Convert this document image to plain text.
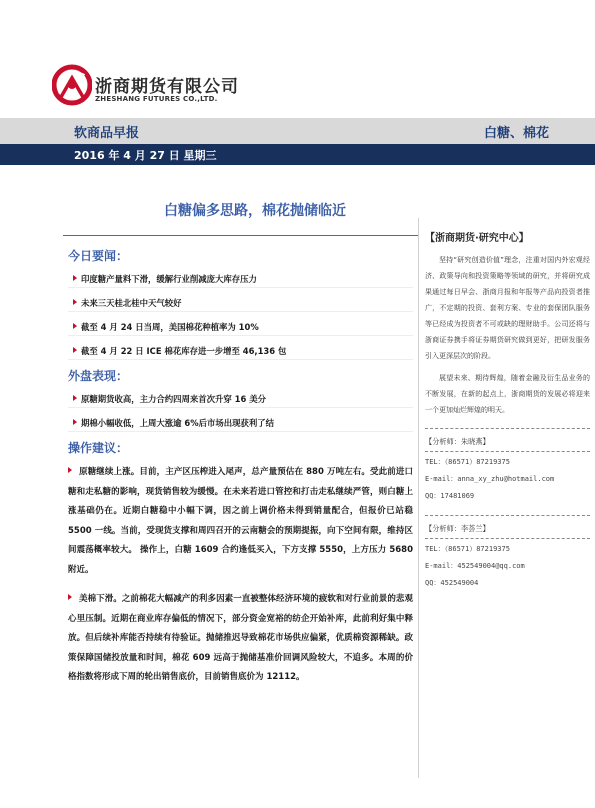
浙商期货有限公司
ZHESHANG FUTURES CO.,LTD.
软商品早报	白糖、棉花
2016 年 4 月 27 日 星期三
白糖偏多思路，棉花抛储临近
今日要闻：
印度糖产量料下滑，缓解行业削减庞大库存压力
未来三天桂北桂中天气较好
截至 4 月 24 日当周，美国棉花种植率为 10%
截至 4 月 22 日 ICE 棉花库存进一步增至 46,136 包
外盘表现：
原糖期货收高，主力合约四周来首次升穿 16 美分
期棉小幅收低，上周大涨逾 6%后市场出现获利了结
操作建议：

原糖继续上涨。目前，主产区压榨进入尾声，总产量预估在 880 万吨左右。受此前进口糖和走私糖的影响，现货销售较为缓慢。在未来若进口管控和打击走私继续严管，则白糖上涨基础仍在。近期白糖稳中小幅下调，因之前上调价格未得到销量配合，但报价已站稳 5500 一线。当前，受现货支撑和周四召开的云南糖会的预期提振，向下空间有限，维持区间震荡概率较大。 操作上，白糖 1609 合约逢低买入，下方支撑 5550，上方压力 5680 附近。

美棉下滑。之前棉花大幅减产的利多因素一直被整体经济环境的疲软和对行业前景的悲观心里压制。近期在商业库存偏低的情况下，部分资金宽裕的纺企开始补库，此前利好集中释放。但后续补库能否持续有待验证。抛储推迟导致棉花市场供应偏紧，优质棉资源稀缺。政策保障国储投放量和时间，棉花 609 远高于抛储基准价回调风险较大，不追多。本周的价格指数将形成下周的轮出销售底价，目前销售底价为 12112。

【浙商期货·研究中心】

坚持“研究创造价值”理念，注重对国内外宏观经济、政策导向和投资策略等领域的研究，并将研究成果通过每日早会、浙商月报和年报等产品向投资者推广，不定期的投资、套利方案、专业的套保团队服务等已经成为投资者不可或缺的理财助手。公司还将与浙商证券携手将证券期货研究做到更好，把研发服务引入更深层次的阶段。

展望未来、期待辉煌，随着金融及衍生品业务的不断发展，在新的起点上，浙商期货的发展必将迎来一个更加灿烂辉煌的明天。

【分析师：朱晓燕】
TEL：（86571）87219375
E-mail：anna_xy_zhu@hotmail.com
QQ：17481069
【分析师：李荟兰】
TEL：（86571）87219375
E-mail：452549004@qq.com
QQ：452549004
